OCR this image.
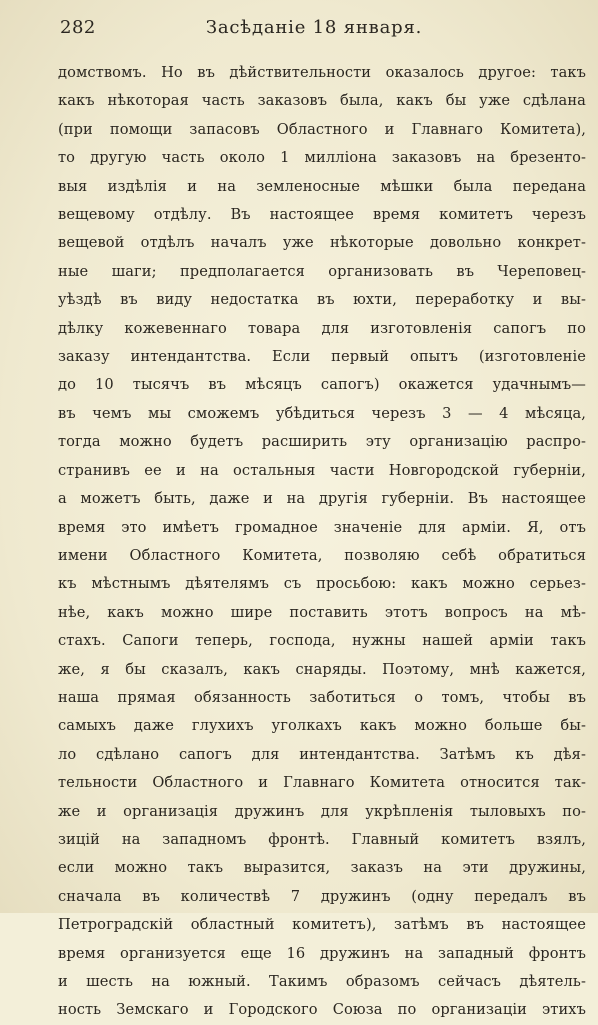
282	Засѣданіе 18 января.
домствомъ. Но въ дѣйствительности оказалось другое: такъ
какъ нѣкоторая часть заказовъ была, какъ бы уже сдѣлана
(при помощи запасовъ Областного и Главнаго Комитета),
то другую часть около 1 милліона заказовъ на брезенто-
выя издѣлія и на земленосные мѣшки была передана
вещевому отдѣлу. Въ настоящее время комитетъ черезъ
вещевой отдѣлъ началъ уже нѣкоторые довольно конкрет-
ные шаги; предполагается организовать въ Череповец-
уѣздѣ въ виду недостатка въ юхти, переработку и вы-
дѣлку кожевеннаго товара для изготовленія сапогъ по
заказу интендантства. Если первый опытъ (изготовленіе
до 10 тысячъ въ мѣсяцъ сапогъ) окажется удачнымъ—
въ чемъ мы сможемъ убѣдиться черезъ 3 — 4 мѣсяца,
тогда можно будетъ расширить эту организацію распро-
странивъ ее и на остальныя части Новгородской губерніи,
а можетъ быть, даже и на другія губерніи. Въ настоящее
время это имѣетъ громадное значеніе для арміи. Я, отъ
имени Областного Комитета, позволяю себѣ обратиться
къ мѣстнымъ дѣятелямъ съ просьбою: какъ можно серьез-
нѣе, какъ можно шире поставить этотъ вопросъ на мѣ-
стахъ. Сапоги теперь, господа, нужны нашей арміи такъ
же, я бы сказалъ, какъ снаряды. Поэтому, мнѣ кажется,
наша прямая обязанность заботиться о томъ, чтобы въ
самыхъ даже глухихъ уголкахъ какъ можно больше бы-
ло сдѣлано сапогъ для интендантства. Затѣмъ къ дѣя-
тельности Областного и Главнаго Комитета относится так-
же и организація дружинъ для укрѣпленія тыловыхъ по-
зицій на западномъ фронтѣ. Главный комитетъ взялъ,
если можно такъ выразится, заказъ на эти дружины,
сначала въ количествѣ 7 дружинъ (одну передалъ въ
Петроградскій областный комитетъ), затѣмъ въ настоящее
время организуется еще 16 дружинъ на западный фронтъ
и шесть на южный. Такимъ образомъ сейчасъ дѣятель-
ность Земскаго и Городского Союза по организаціи этихъ
